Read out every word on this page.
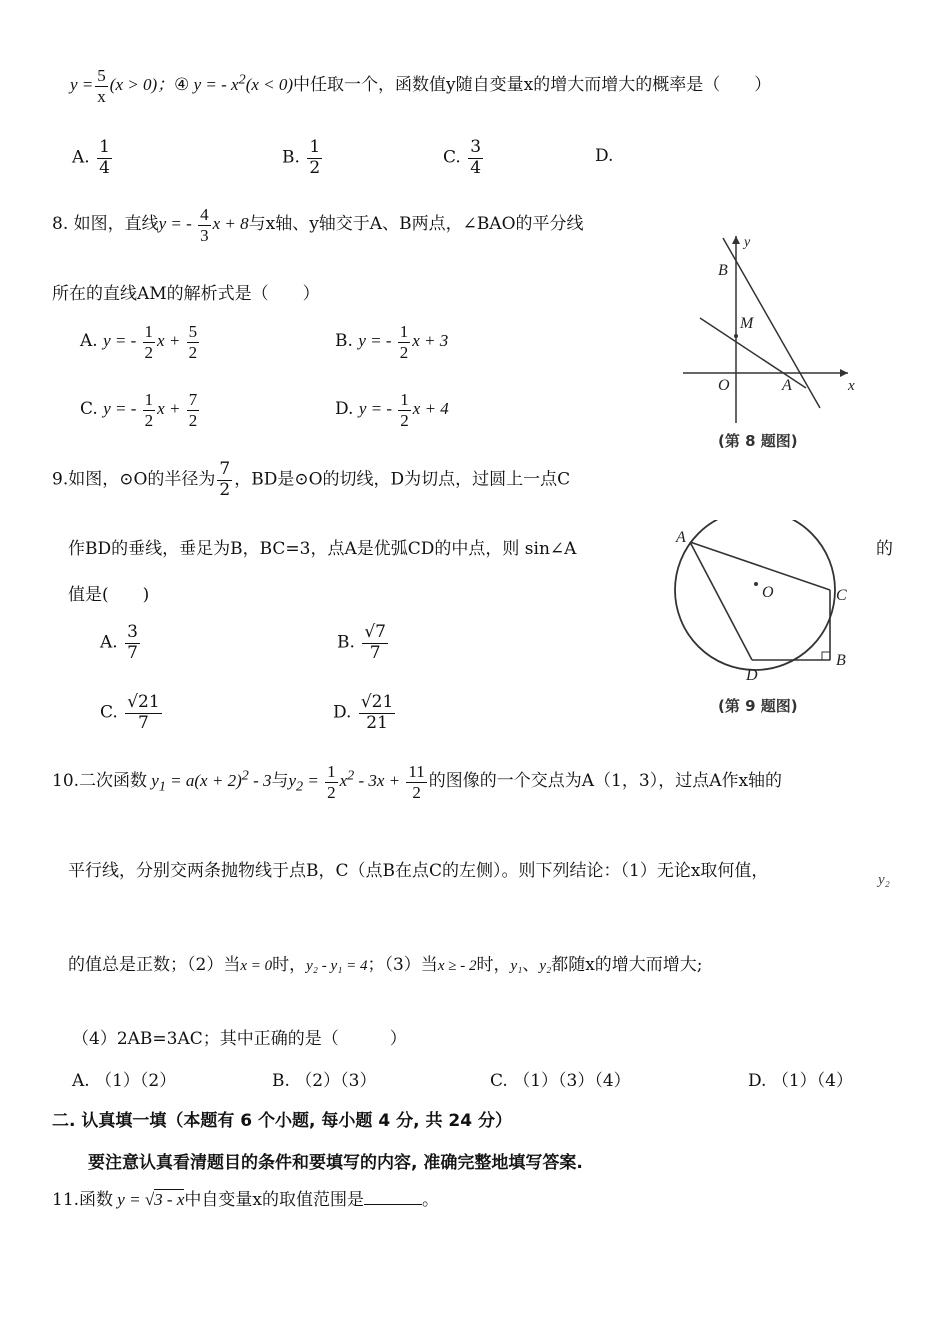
$y = \frac{5}{x} (x > 0)$；④ y = - $x^2(x < 0)$中任取一个，函数值y随自变量x的增大而增大的概率是（　　）
A. $\frac{1}{4}$	B. $\frac{1}{2}$	C. $\frac{3}{4}$	D.
8. 如图，直线y = - $\frac{4}{3}$ x + 8与x轴、y轴交于A、B两点，∠BAO的平分线
所在的直线AM的解析式是（　　）
A. y = - $\frac{1}{2}$ $x + \frac{5}{2}$	B. y = - $\frac{1}{2}$ x + 3
C. y = - $\frac{1}{2}$ $x + \frac{7}{2}$	D. y = - $\frac{1}{2}$ x + 4
y
B
M
O	A	x
(第 8 题图)
9.如图，⊙O的半径为 $\frac{7}{2}$ ，BD是⊙O的切线，D为切点，过圆上一点C
作BD的垂线，垂足为B，BC=3，点A是优弧CD的中点，则 sin∠A	的
值是(　　)
A. $\frac{3}{7}$	B. $\frac{√7}{7}$
C. $\frac{√21}{7}$	D. $\frac{√21}{21}$
A
O	C
D
B
(第 9 题图)
10.二次函数 $y_1 = a(x + 2)^2 - 3$与$y_2 = \frac{1}{2} x^2 - 3x + \frac{11}{2}$ 的图像的一个交点为A（1，3），过点A作x轴的
平行线，分别交两条抛物线于点B，C（点B在点C的左侧）。则下列结论：（1）无论x取何值，	y₂
的值总是正数；（2）当x = 0时，y₂ - y₁ = 4；（3）当x ≥ - 2时，y₁、y₂都随x的增大而增大;
（4）2AB=3AC；其中正确的是（　　　）
A. （1）（2）	B. （2）（3）	C. （1）（3）（4）	D. （1）（4）
二. 认真填一填（本题有 6 个小题, 每小题 4 分, 共 24 分）
要注意认真看清题目的条件和要填写的内容, 准确完整地填写答案.
11.函数 y = √3 - x中自变量x的取值范围是	。
